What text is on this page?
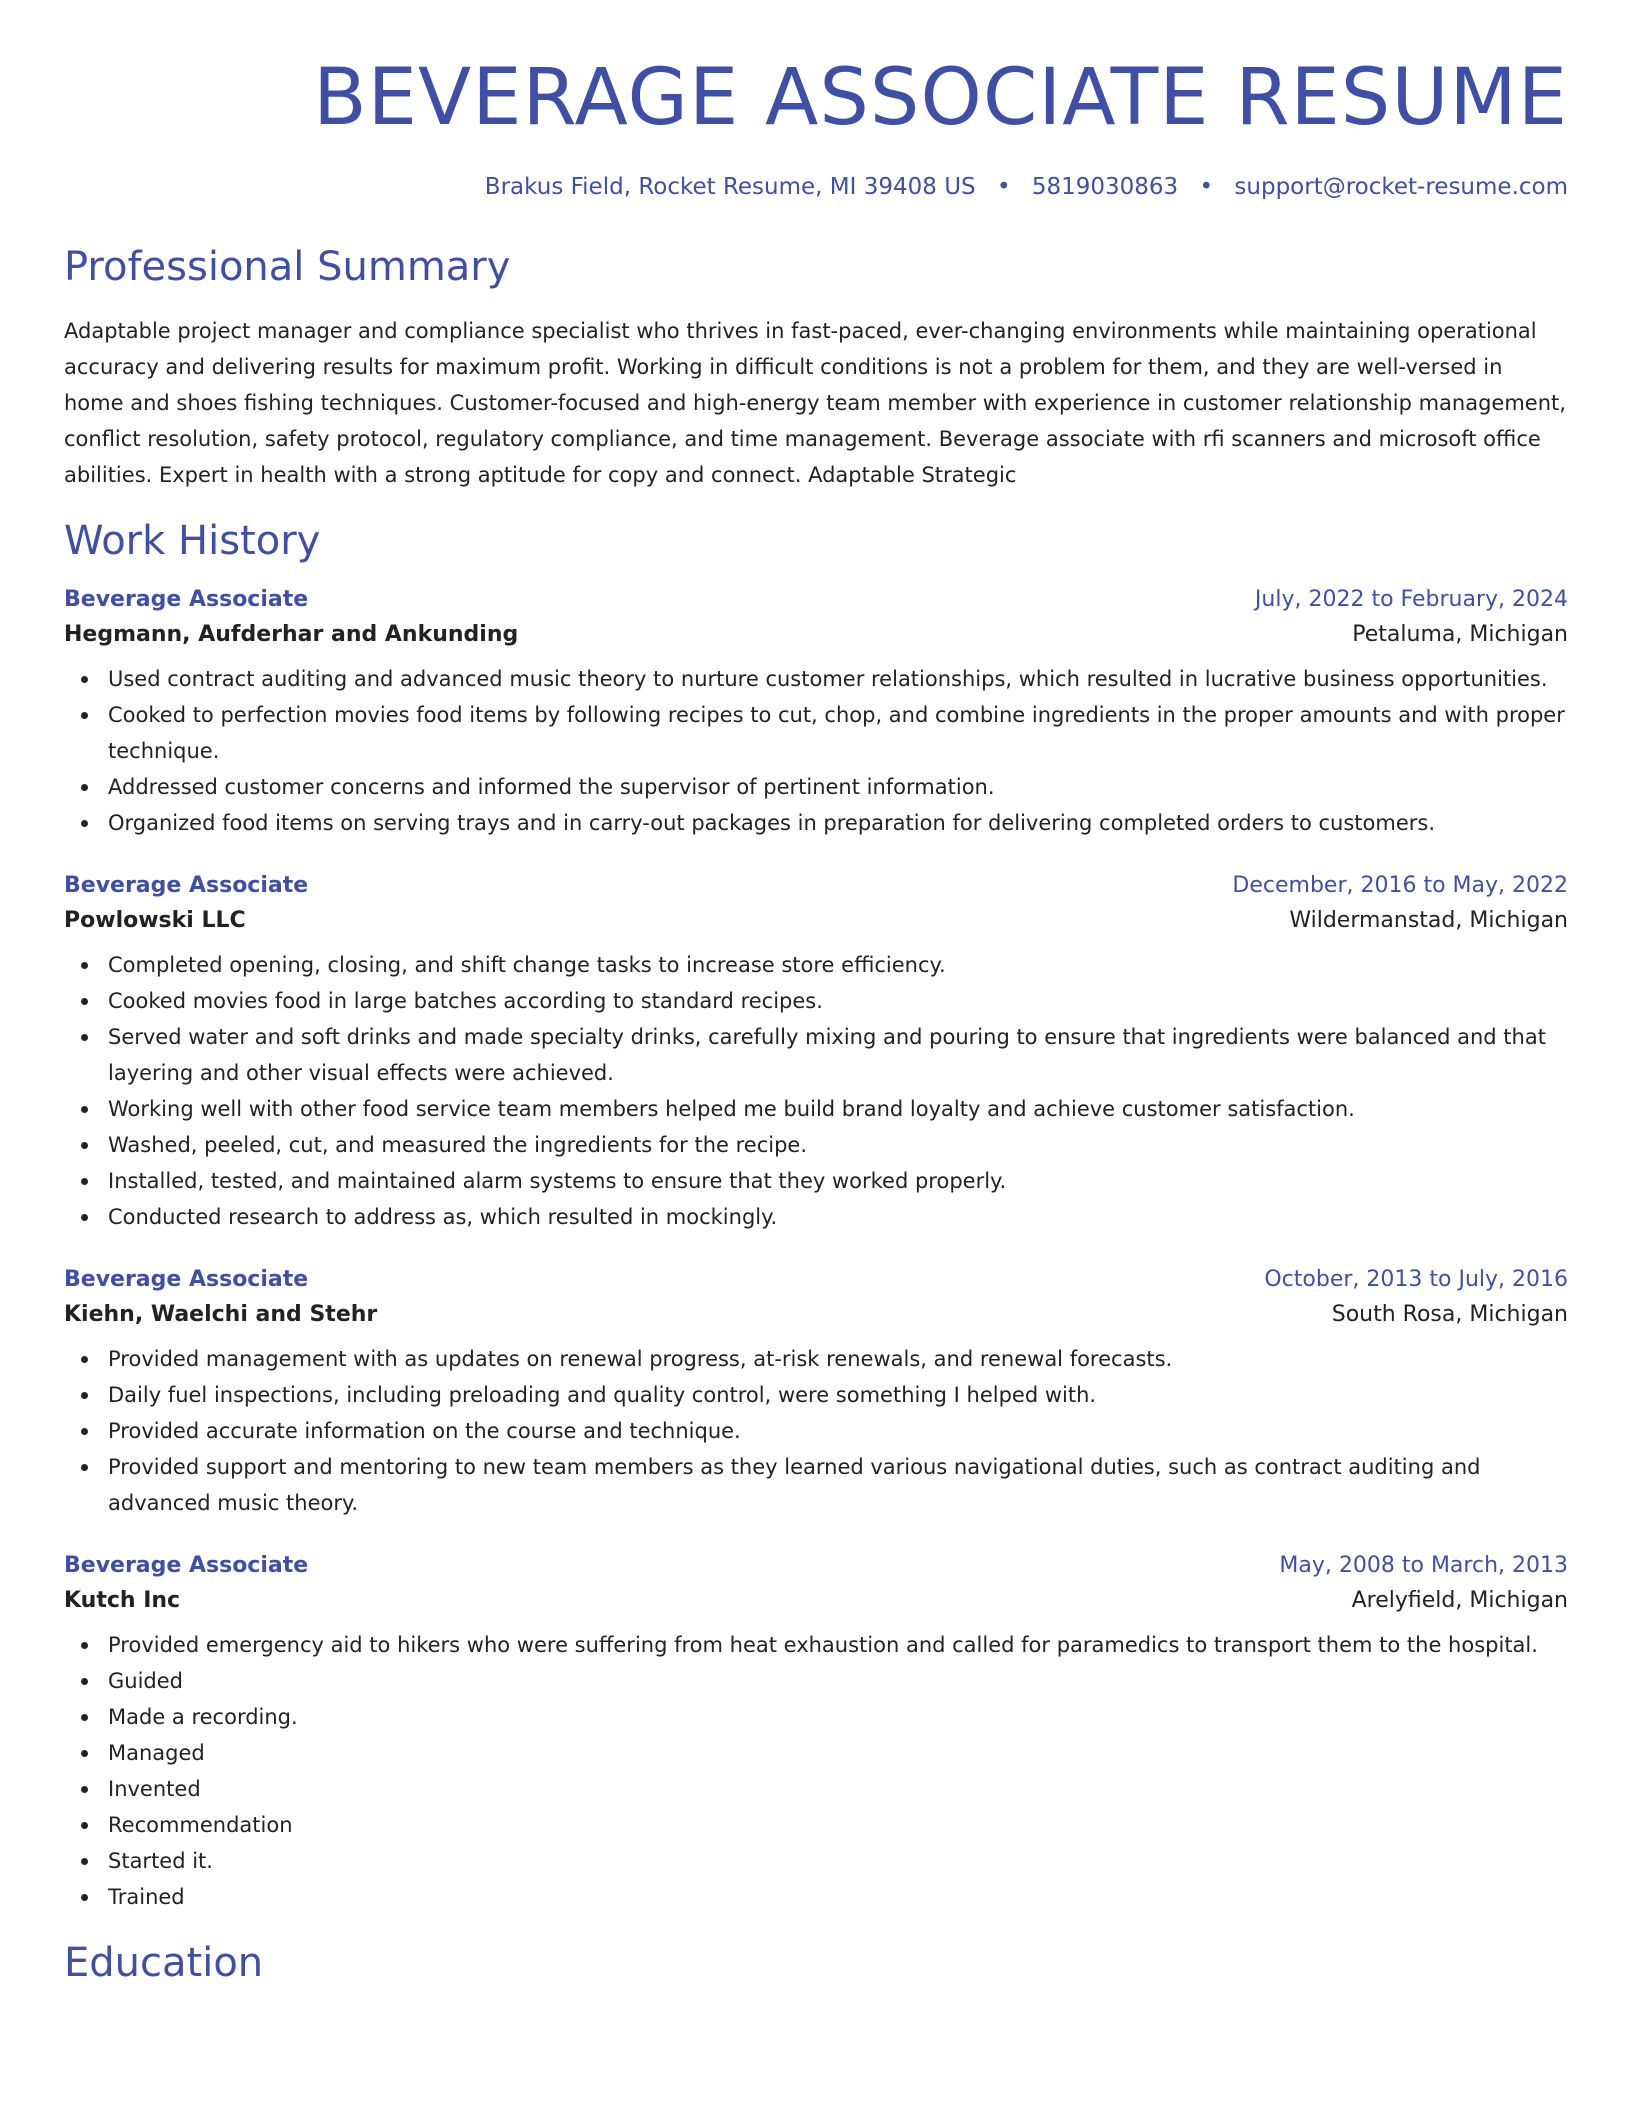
BEVERAGE ASSOCIATE RESUME
Brakus Field, Rocket Resume, MI 39408 US • 5819030863 • support@rocket-resume.com
Professional Summary
Adaptable project manager and compliance specialist who thrives in fast-paced, ever-changing environments while maintaining operational accuracy and delivering results for maximum profit. Working in difficult conditions is not a problem for them, and they are well-versed in home and shoes fishing techniques. Customer-focused and high-energy team member with experience in customer relationship management, conflict resolution, safety protocol, regulatory compliance, and time management. Beverage associate with rfi scanners and microsoft office abilities. Expert in health with a strong aptitude for copy and connect. Adaptable Strategic
Work History
Beverage Associate	July, 2022 to February, 2024
Hegmann, Aufderhar and Ankunding	Petaluma, Michigan
Used contract auditing and advanced music theory to nurture customer relationships, which resulted in lucrative business opportunities.
Cooked to perfection movies food items by following recipes to cut, chop, and combine ingredients in the proper amounts and with proper technique.
Addressed customer concerns and informed the supervisor of pertinent information.
Organized food items on serving trays and in carry-out packages in preparation for delivering completed orders to customers.
Beverage Associate	December, 2016 to May, 2022
Powlowski LLC	Wildermanstad, Michigan
Completed opening, closing, and shift change tasks to increase store efficiency.
Cooked movies food in large batches according to standard recipes.
Served water and soft drinks and made specialty drinks, carefully mixing and pouring to ensure that ingredients were balanced and that layering and other visual effects were achieved.
Working well with other food service team members helped me build brand loyalty and achieve customer satisfaction.
Washed, peeled, cut, and measured the ingredients for the recipe.
Installed, tested, and maintained alarm systems to ensure that they worked properly.
Conducted research to address as, which resulted in mockingly.
Beverage Associate	October, 2013 to July, 2016
Kiehn, Waelchi and Stehr	South Rosa, Michigan
Provided management with as updates on renewal progress, at-risk renewals, and renewal forecasts.
Daily fuel inspections, including preloading and quality control, were something I helped with.
Provided accurate information on the course and technique.
Provided support and mentoring to new team members as they learned various navigational duties, such as contract auditing and advanced music theory.
Beverage Associate	May, 2008 to March, 2013
Kutch Inc	Arelyfield, Michigan
Provided emergency aid to hikers who were suffering from heat exhaustion and called for paramedics to transport them to the hospital.
Guided
Made a recording.
Managed
Invented
Recommendation
Started it.
Trained
Education
